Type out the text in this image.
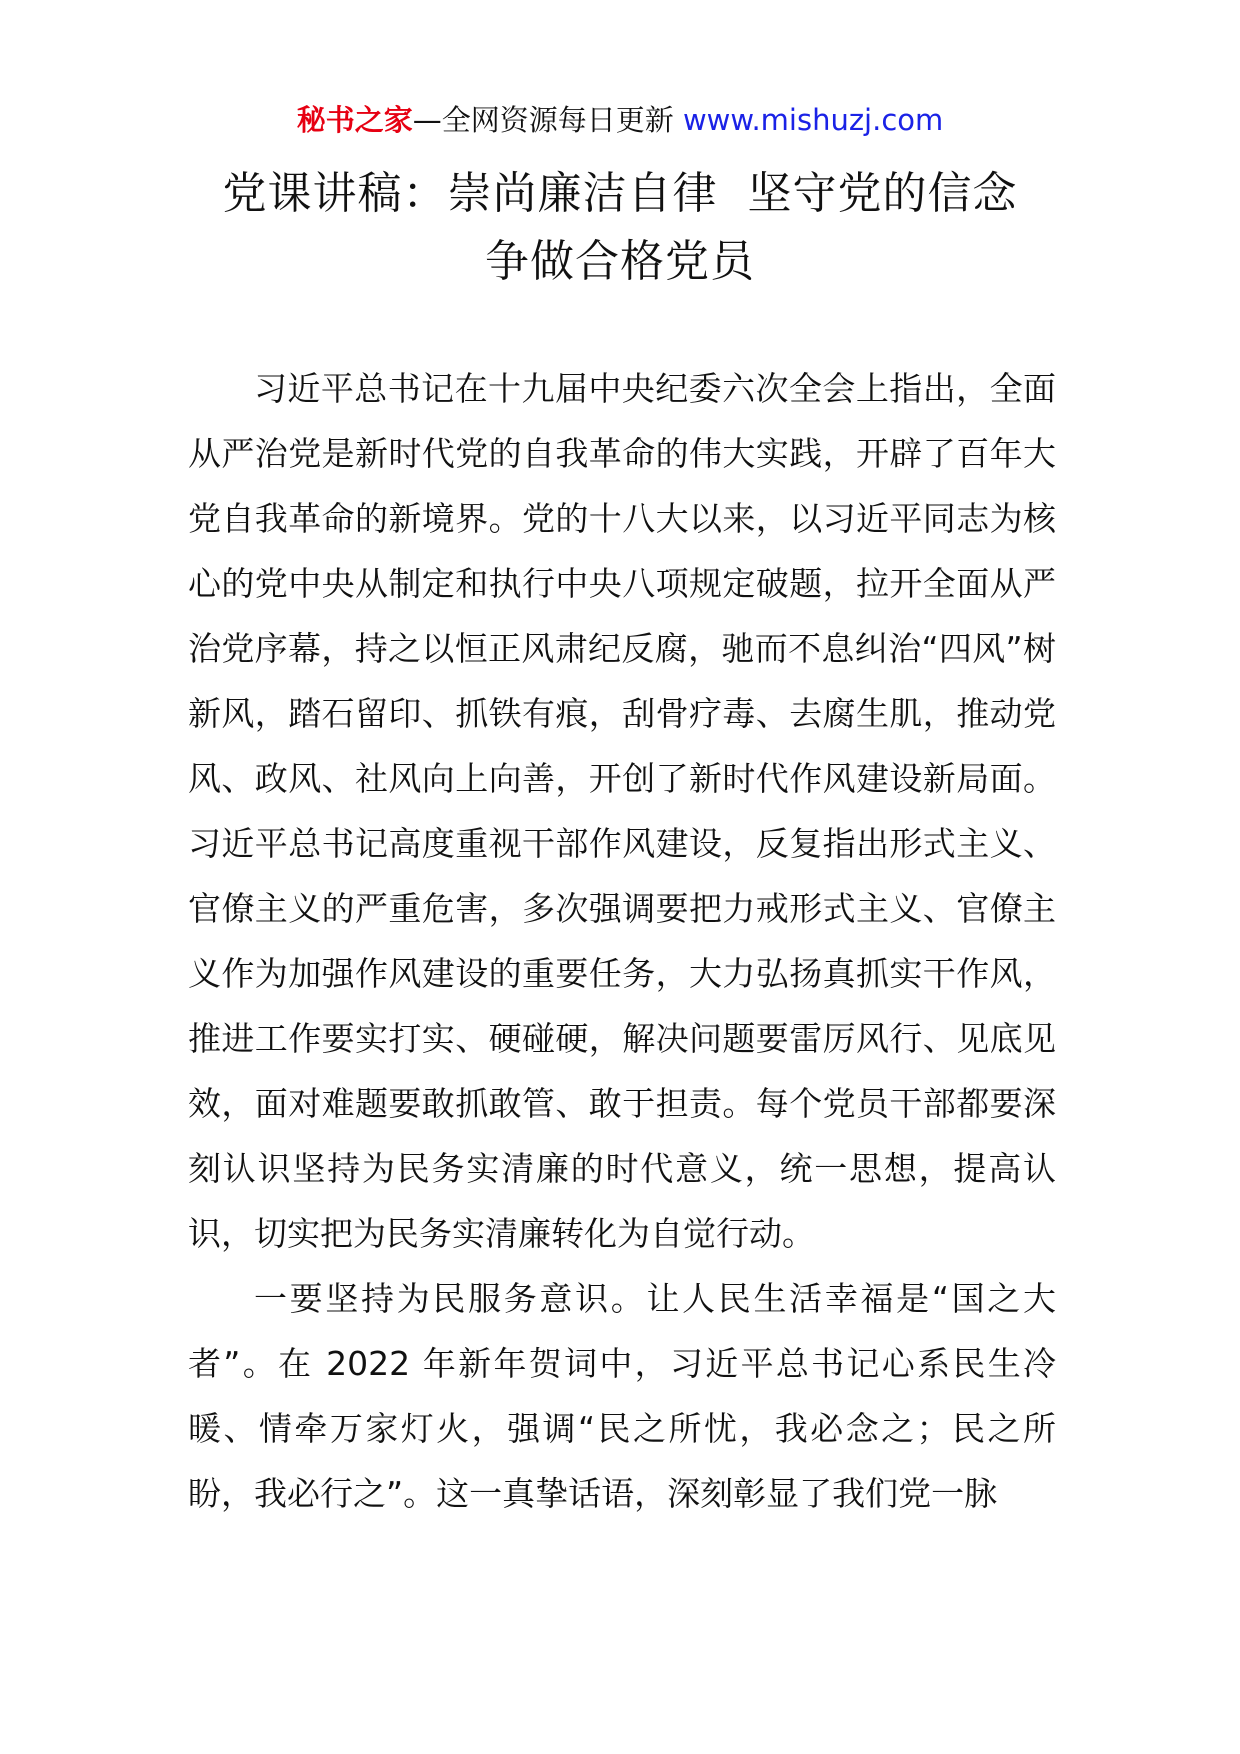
秘书之家—全网资源每日更新 www.mishuzj.com
党课讲稿：崇尚廉洁自律  坚守党的信念
争做合格党员

习近平总书记在十九届中央纪委六次全会上指出，全面从严治党是新时代党的自我革命的伟大实践，开辟了百年大党自我革命的新境界。党的十八大以来，以习近平同志为核心的党中央从制定和执行中央八项规定破题，拉开全面从严治党序幕，持之以恒正风肃纪反腐，驰而不息纠治“四风”树新风，踏石留印、抓铁有痕，刮骨疗毒、去腐生肌，推动党风、政风、社风向上向善，开创了新时代作风建设新局面。习近平总书记高度重视干部作风建设，反复指出形式主义、官僚主义的严重危害，多次强调要把力戒形式主义、官僚主义作为加强作风建设的重要任务，大力弘扬真抓实干作风，推进工作要实打实、硬碰硬，解决问题要雷厉风行、见底见效，面对难题要敢抓敢管、敢于担责。每个党员干部都要深刻认识坚持为民务实清廉的时代意义，统一思想，提高认识，切实把为民务实清廉转化为自觉行动。

一要坚持为民服务意识。让人民生活幸福是“国之大者”。在 2022 年新年贺词中，习近平总书记心系民生冷暖、情牵万家灯火，强调“民之所忧，我必念之；民之所盼，我必行之”。这一真挚话语，深刻彰显了我们党一脉
